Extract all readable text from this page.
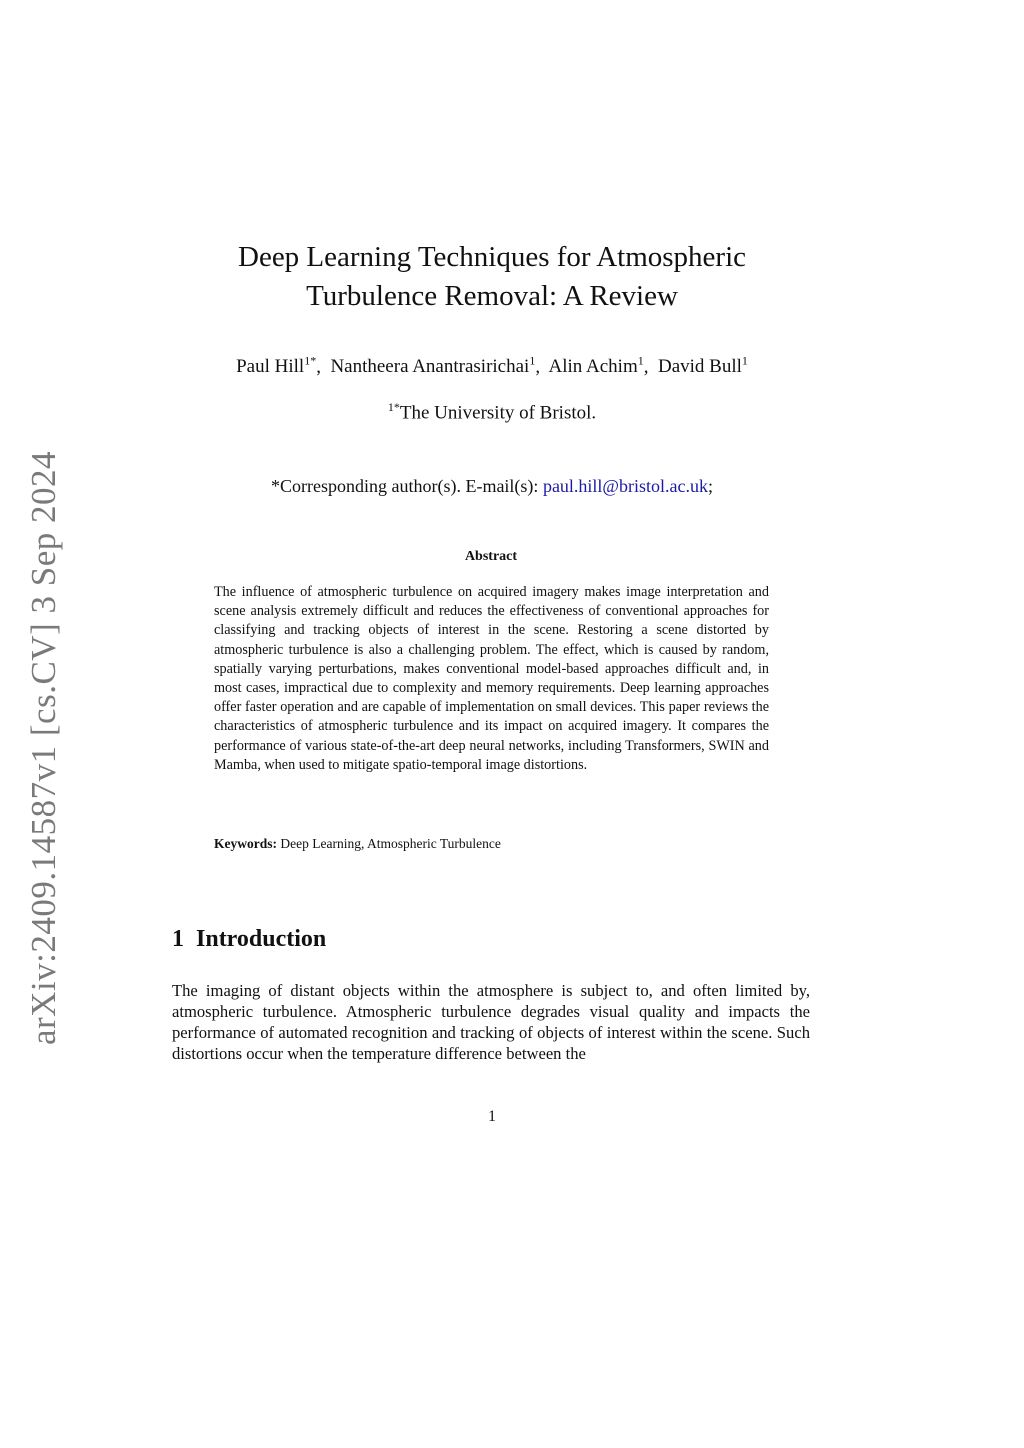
arXiv:2409.14587v1 [cs.CV] 3 Sep 2024
Deep Learning Techniques for Atmospheric
Turbulence Removal: A Review
Paul Hill$^{1*}$,  Nantheera Anantrasirichai$^1$,  Alin Achim$^1$,  David Bull$^1$
$^{1*}$The University of Bristol.
*Corresponding author(s). E-mail(s): paul.hill@bristol.ac.uk;
Abstract

The influence of atmospheric turbulence on acquired imagery makes image interpretation and scene analysis extremely difficult and reduces the effectiveness of conventional approaches for classifying and tracking objects of interest in the scene. Restoring a scene distorted by atmospheric turbulence is also a challenging problem. The effect, which is caused by random, spatially varying perturbations, makes conventional model-based approaches difficult and, in most cases, impractical due to complexity and memory requirements. Deep learning approaches offer faster operation and are capable of implementation on small devices. This paper reviews the characteristics of atmospheric turbulence and its impact on acquired imagery. It compares the performance of various state-of-the-art deep neural networks, including Transformers, SWIN and Mamba, when used to mitigate spatio-temporal image distortions.

Keywords: Deep Learning, Atmospheric Turbulence
1 Introduction

The imaging of distant objects within the atmosphere is subject to, and often limited by, atmospheric turbulence. Atmospheric turbulence degrades visual quality and impacts the performance of automated recognition and tracking of objects of interest within the scene. Such distortions occur when the temperature difference between the

1
